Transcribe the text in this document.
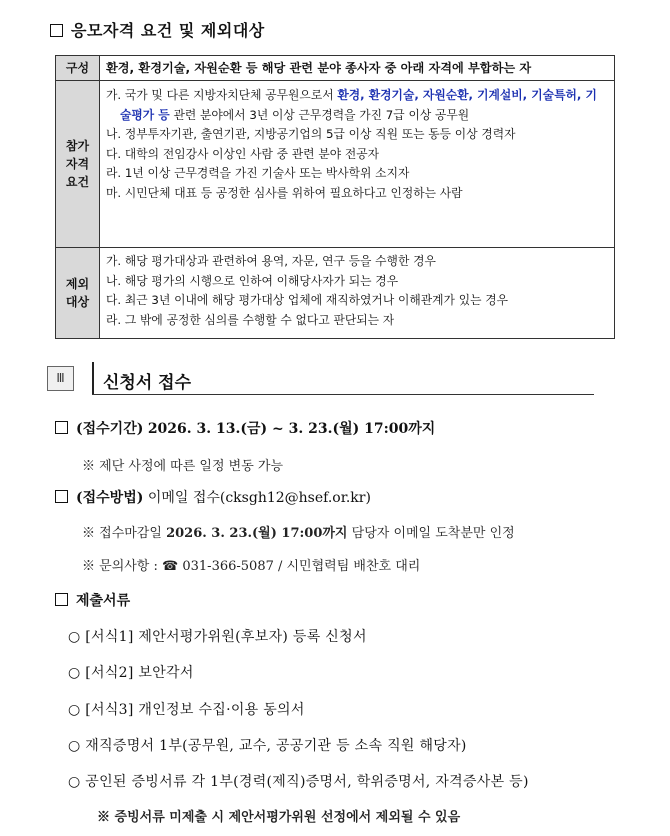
응모자격 요건 및 제외대상
구성	환경, 환경기술, 자원순환 등 해당 관련 분야 종사자 중 아래 자격에 부합하는 자
참가
자격
요건
가. 국가 및 다른 지방자치단체 공무원으로서 환경, 환경기술, 자원순환, 기계설비, 기술특허, 기술평가 등 관련 분야에서 3년 이상 근무경력을 가진 7급 이상 공무원
나. 정부투자기관, 출연기관, 지방공기업의 5급 이상 직원 또는 동등 이상 경력자
다. 대학의 전임강사 이상인 사람 중 관련 분야 전공자
라. 1년 이상 근무경력을 가진 기술사 또는 박사학위 소지자
마. 시민단체 대표 등 공정한 심사를 위하여 필요하다고 인정하는 사람
제외
대상
가. 해당 평가대상과 관련하여 용역, 자문, 연구 등을 수행한 경우
나. 해당 평가의 시행으로 인하여 이해당사자가 되는 경우
다. 최근 3년 이내에 해당 평가대상 업체에 재직하였거나 이해관계가 있는 경우
라. 그 밖에 공정한 심의를 수행할 수 없다고 판단되는 자
Ⅲ	신청서 접수
(접수기간) 2026. 3. 13.(금) ~ 3. 23.(월) 17:00까지
※ 제단 사정에 따른 일정 변동 가능
(접수방법) 이메일 접수(cksgh12@hsef.or.kr)
※ 접수마감일 2026. 3. 23.(월) 17:00까지 담당자 이메일 도착분만 인정
※ 문의사항 : ☎ 031-366-5087 / 시민협력팀 배찬호 대리
제출서류
○ [서식1] 제안서평가위원(후보자) 등록 신청서
○ [서식2] 보안각서
○ [서식3] 개인정보 수집·이용 동의서
○ 재직증명서 1부(공무원, 교수, 공공기관 등 소속 직원 해당자)
○ 공인된 증빙서류 각 1부(경력(제직)증명서, 학위증명서, 자격증사본 등)
※ 증빙서류 미제출 시 제안서평가위원 선정에서 제외될 수 있음
